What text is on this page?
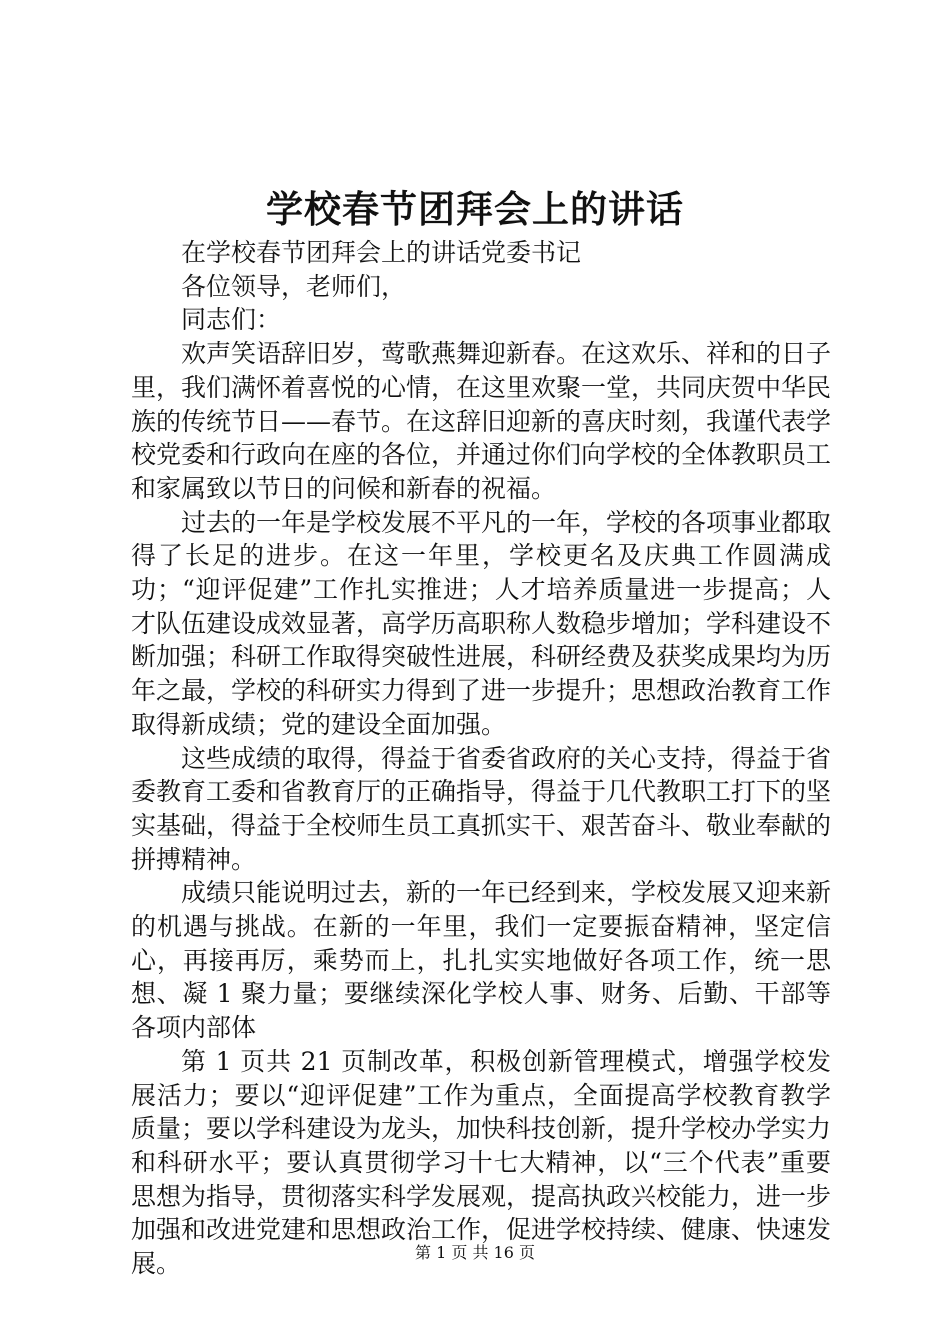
学校春节团拜会上的讲话

在学校春节团拜会上的讲话党委书记

各位领导，老师们，

同志们：

欢声笑语辞旧岁，莺歌燕舞迎新春。在这欢乐、祥和的日子里，我们满怀着喜悦的心情，在这里欢聚一堂，共同庆贺中华民族的传统节日——春节。在这辞旧迎新的喜庆时刻，我谨代表学校党委和行政向在座的各位，并通过你们向学校的全体教职员工和家属致以节日的问候和新春的祝福。

过去的一年是学校发展不平凡的一年，学校的各项事业都取得了长足的进步。在这一年里，学校更名及庆典工作圆满成功；“迎评促建”工作扎实推进；人才培养质量进一步提高；人才队伍建设成效显著，高学历高职称人数稳步增加；学科建设不断加强；科研工作取得突破性进展，科研经费及获奖成果均为历年之最，学校的科研实力得到了进一步提升；思想政治教育工作取得新成绩；党的建设全面加强。

这些成绩的取得，得益于省委省政府的关心支持，得益于省委教育工委和省教育厅的正确指导，得益于几代教职工打下的坚实基础，得益于全校师生员工真抓实干、艰苦奋斗、敬业奉献的拼搏精神。

成绩只能说明过去，新的一年已经到来，学校发展又迎来新的机遇与挑战。在新的一年里，我们一定要振奋精神，坚定信心，再接再厉，乘势而上，扎扎实实地做好各项工作，统一思想、凝 1 聚力量；要继续深化学校人事、财务、后勤、干部等各项内部体

第 1 页共 21 页制改革，积极创新管理模式，增强学校发展活力；要以“迎评促建”工作为重点，全面提高学校教育教学质量；要以学科建设为龙头，加快科技创新，提升学校办学实力和科研水平；要认真贯彻学习十七大精神，以“三个代表”重要思想为指导，贯彻落实科学发展观，提高执政兴校能力，进一步加强和改进党建和思想政治工作，促进学校持续、健康、快速发展。	第 1 页 共 16 页
